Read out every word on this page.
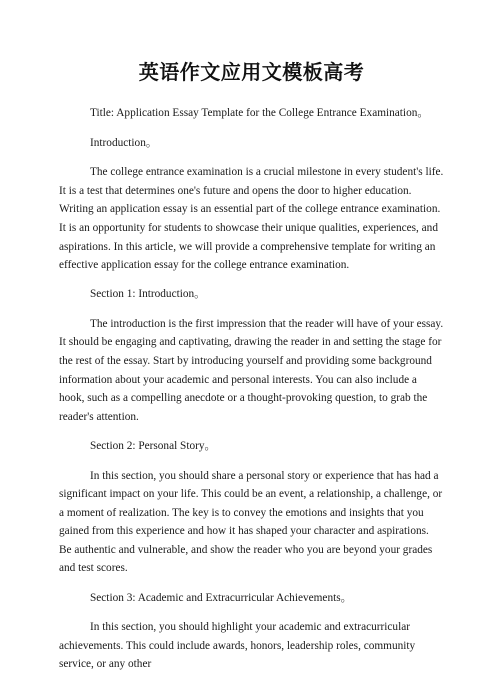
英语作文应用文模板高考

Title: Application Essay Template for the College Entrance Examination。

Introduction。

The college entrance examination is a crucial milestone in every student's life. It is a test that determines one's future and opens the door to higher education. Writing an application essay is an essential part of the college entrance examination. It is an opportunity for students to showcase their unique qualities, experiences, and aspirations. In this article, we will provide a comprehensive template for writing an effective application essay for the college entrance examination.

Section 1: Introduction。

The introduction is the first impression that the reader will have of your essay. It should be engaging and captivating, drawing the reader in and setting the stage for the rest of the essay. Start by introducing yourself and providing some background information about your academic and personal interests. You can also include a hook, such as a compelling anecdote or a thought-provoking question, to grab the reader's attention.

Section 2: Personal Story。

In this section, you should share a personal story or experience that has had a significant impact on your life. This could be an event, a relationship, a challenge, or a moment of realization. The key is to convey the emotions and insights that you gained from this experience and how it has shaped your character and aspirations. Be authentic and vulnerable, and show the reader who you are beyond your grades and test scores.

Section 3: Academic and Extracurricular Achievements。

In this section, you should highlight your academic and extracurricular achievements. This could include awards, honors, leadership roles, community service, or any other
